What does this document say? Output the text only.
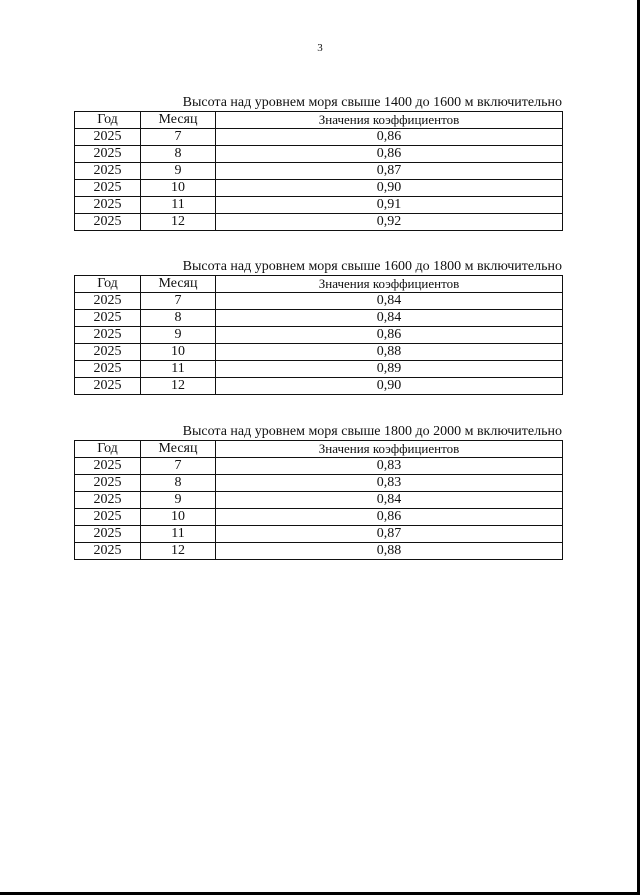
3
Высота над уровнем моря свыше 1400 до 1600 м включительно
Год	Месяц	Значения коэффициентов
2025	7	0,86
2025	8	0,86
2025	9	0,87
2025	10	0,90
2025	11	0,91
2025	12	0,92
Высота над уровнем моря свыше 1600 до 1800 м включительно
Год	Месяц	Значения коэффициентов
2025	7	0,84
2025	8	0,84
2025	9	0,86
2025	10	0,88
2025	11	0,89
2025	12	0,90
Высота над уровнем моря свыше 1800 до 2000 м включительно
Год	Месяц	Значения коэффициентов
2025	7	0,83
2025	8	0,83
2025	9	0,84
2025	10	0,86
2025	11	0,87
2025	12	0,88
